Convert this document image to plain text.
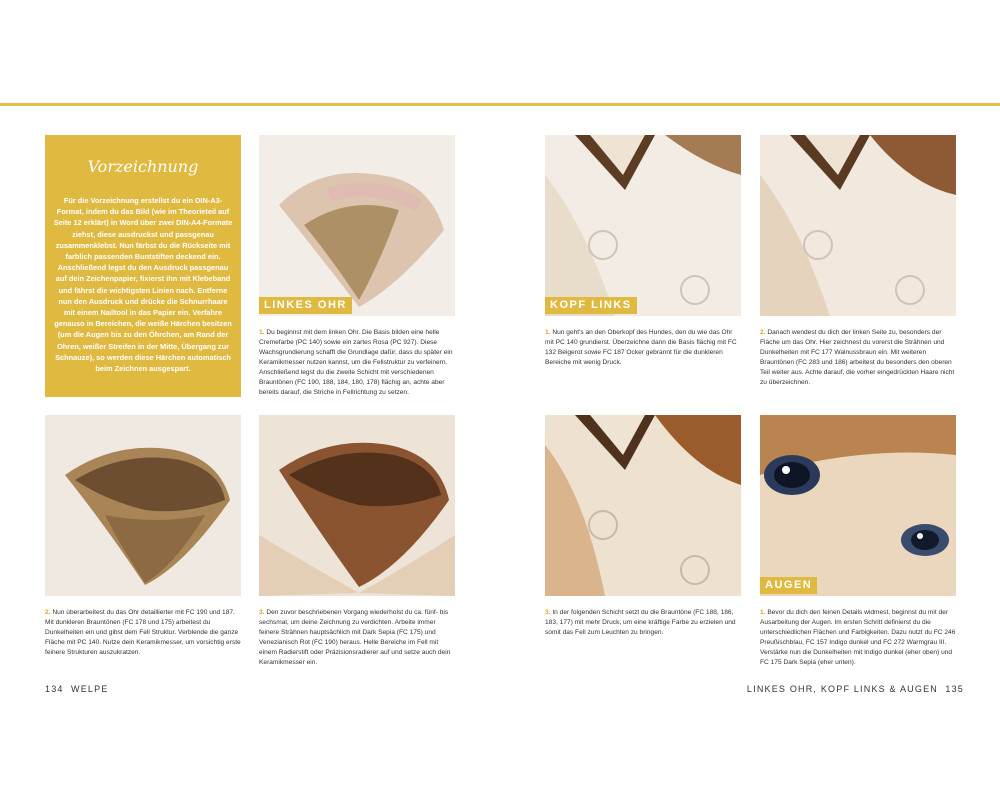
Vorzeichnung
Für die Vorzeichnung erstellst du ein DIN-A3-Format, indem du das Bild (wie im Theorieteil auf Seite 12 erklärt) in Word über zwei DIN-A4-Formate ziehst, diese ausdruckst und passgenau zusammenklebst. Nun färbst du die Rückseite mit farblich passenden Buntstiften deckend ein. Anschließend legst du den Ausdruck passgenau auf dein Zeichenpapier, fixierst ihn mit Klebeband und fährst die wichtigsten Linien nach. Entferne nun den Ausdruck und drücke die Schnurrhaare mit einem Nailtool in das Papier ein. Verfahre genauso in Bereichen, die weiße Härchen besitzen (um die Augen bis zu den Öhrchen, am Rand der Ohren, weißer Streifen in der Mitte, Übergang zur Schnauze), so werden diese Härchen automatisch beim Zeichnen ausgespart.
LINKES OHR	KOPF LINKS
AUGEN
1. Du beginnst mit dem linken Ohr. Die Basis bilden eine helle Cremefarbe (PC 140) sowie ein zartes Rosa (PC 927). Diese Wachsgrundierung schafft die Grundlage dafür, dass du später ein Keramikmesser nutzen kannst, um die Fellstruktur zu verfeinern. Anschließend legst du die zweite Schicht mit verschiedenen Brauntönen (FC 190, 188, 184, 180, 178) flächig an, achte aber bereits darauf, die Striche in Fellrichtung zu setzen.
2. Nun überarbeitest du das Ohr detaillierter mit FC 190 und 187. Mit dunkleren Brauntönen (FC 178 und 175) arbeitest du Dunkelheiten ein und gibst dem Fell Struktur. Verblende die ganze Fläche mit PC 140. Nutze dein Keramikmesser, um vorsichtig erste feinere Strukturen auszukratzen.
3. Den zuvor beschriebenen Vorgang wiederholst du ca. fünf- bis sechsmal, um deine Zeichnung zu verdichten. Arbeite immer feinere Strähnen hauptsächlich mit Dark Sepia (FC 175) und Venezianisch Rot (FC 190) heraus. Helle Bereiche im Fell mit einem Radierstift oder Präzisionsradierer auf und setze auch dein Keramikmesser ein.
1. Nun geht's an den Oberkopf des Hundes, den du wie das Ohr mit PC 140 grundierst. Überzeichne dann die Basis flächig mit FC 132 Beigerot sowie FC 187 Ocker gebrannt für die dunkleren Bereiche mit wenig Druck.
2. Danach wendest du dich der linken Seite zu, besonders der Fläche um das Ohr. Hier zeichnest du vorerst die Strähnen und Dunkelheiten mit FC 177 Walnussbraun ein. Mit weiteren Brauntönen (FC 283 und 186) arbeitest du besonders den oberen Teil weiter aus. Achte darauf, die vorher eingedrückten Haare nicht zu überzeichnen.
3. In der folgenden Schicht setzt du die Brauntöne (FC 188, 186, 183, 177) mit mehr Druck, um eine kräftige Farbe zu erzielen und somit das Fell zum Leuchten zu bringen.
1. Bevor du dich den feinen Details widmest, beginnst du mit der Ausarbeitung der Augen. Im ersten Schritt definierst du die unterschiedlichen Flächen und Farbigkeiten. Dazu nutzt du FC 246 Preußischblau, FC 157 Indigo dunkel und FC 272 Warmgrau III. Verstärke nun die Dunkelheiten mit Indigo dunkel (eher oben) und FC 175 Dark Sepia (eher unten).
134 WELPE	LINKES OHR, KOPF LINKS & AUGEN 135
